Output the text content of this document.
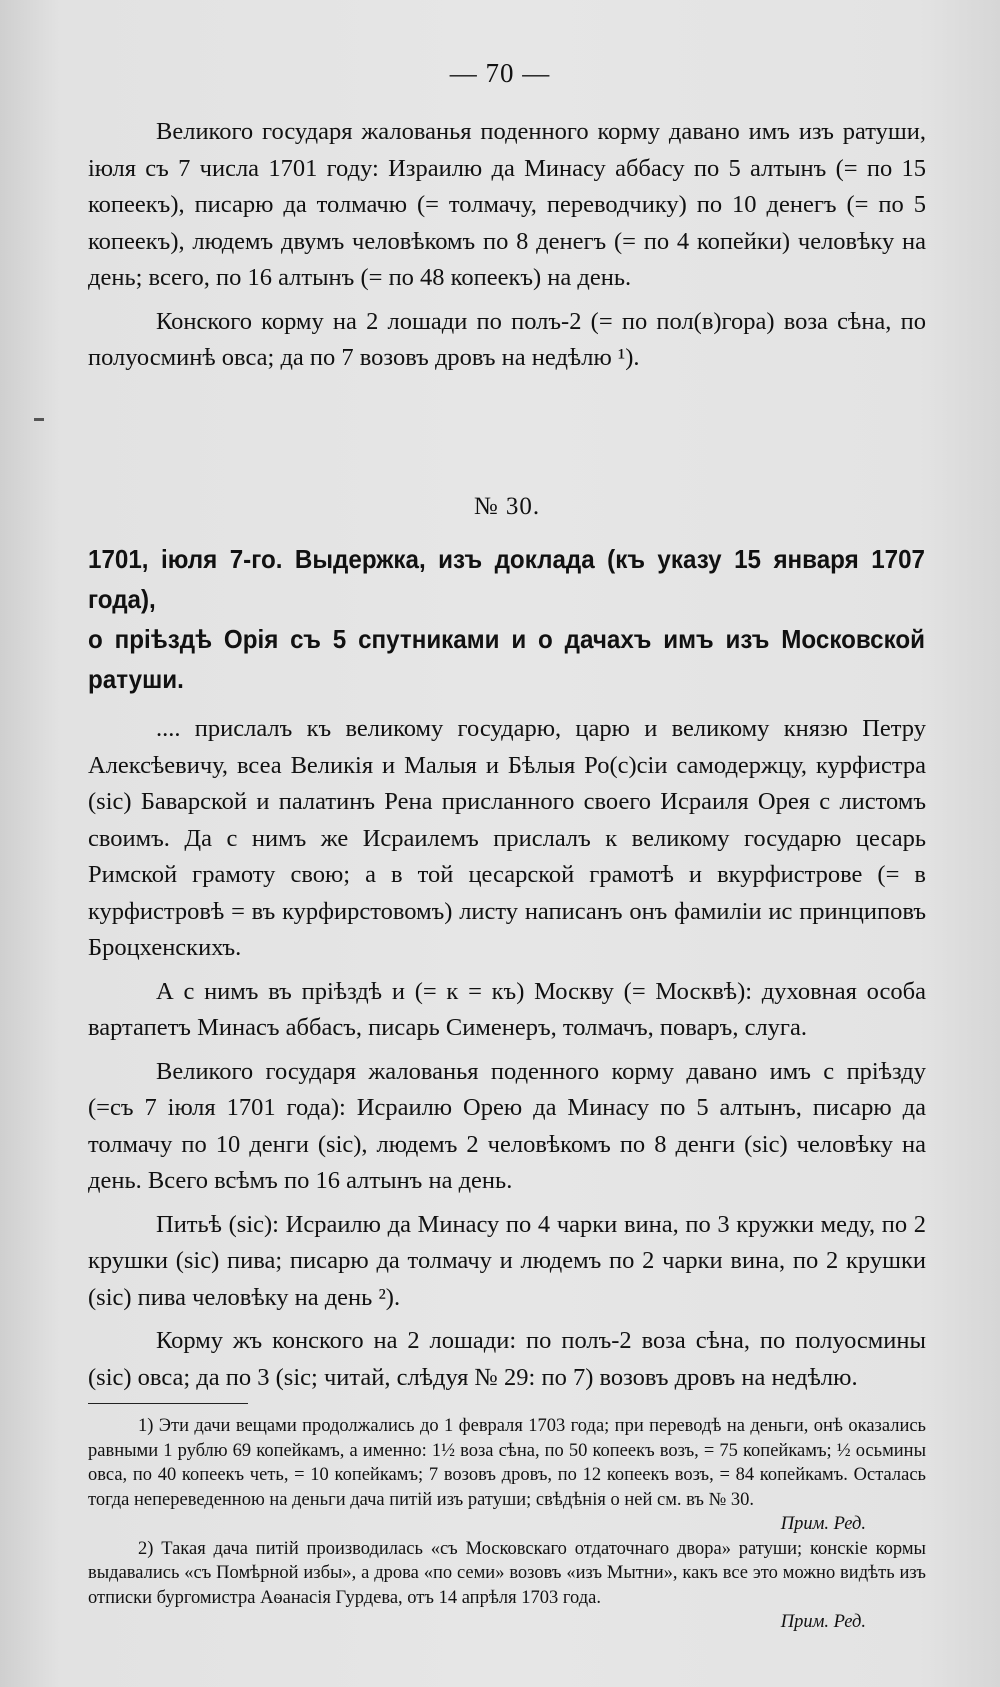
— 70 —

Великого государя жалованья поденного корму давано имъ изъ ратуши, іюля съ 7 числа 1701 году: Израилю да Минасу аббасу по 5 алтынъ (= по 15 копеекъ), писарю да толмачю (= толмачу, переводчику) по 10 денегъ (= по 5 копеекъ), людемъ двумъ человѣкомъ по 8 денегъ (= по 4 копейки) человѣку на день; всего, по 16 алтынъ (= по 48 копеекъ) на день.

Конского корму на 2 лошади по полъ-2 (= по пол(в)гора) воза сѣна, по полуосминѣ овса; да по 7 возовъ дровъ на недѣлю ¹).

№ 30.
1701, іюля 7-го. Выдержка, изъ доклада (къ указу 15 января 1707 года),
о пріѣздѣ Орія съ 5 спутниками и о дачахъ имъ изъ Московской ратуши.

.... прислалъ къ великому государю, царю и великому князю Петру Алексѣевичу, всеа Великія и Малыя и Бѣлыя Ро(с)сіи самодержцу, курфистра (sic) Баварской и палатинъ Рена присланного своего Исраиля Орея с листомъ своимъ. Да с нимъ же Исраилемъ прислалъ к великому государю цесарь Римской грамоту свою; а в той цесарской грамотѣ и вкурфистрове (= в курфистровѣ = въ курфирстовомъ) листу написанъ онъ фамиліи ис принциповъ Броцхенскихъ.

А с нимъ въ пріѣздѣ и (= к = къ) Москву (= Москвѣ): духовная особа вартапетъ Минасъ аббасъ, писарь Сименеръ, толмачъ, поваръ, слуга.

Великого государя жалованья поденного корму давано имъ с пріѣзду (=съ 7 іюля 1701 года): Исраилю Орею да Минасу по 5 алтынъ, писарю да толмачу по 10 денги (sic), людемъ 2 человѣкомъ по 8 денги (sic) человѣку на день. Всего всѣмъ по 16 алтынъ на день.

Питьѣ (sic): Исраилю да Минасу по 4 чарки вина, по 3 кружки меду, по 2 крушки (sic) пива; писарю да толмачу и людемъ по 2 чарки вина, по 2 крушки (sic) пива человѣку на день ²).

Корму жъ конского на 2 лошади: по полъ-2 воза сѣна, по полуосмины (sic) овса; да по 3 (sic; читай, слѣдуя № 29: по 7) возовъ дровъ на недѣлю.

1) Эти дачи вещами продолжались до 1 февраля 1703 года; при переводѣ на деньги, онѣ оказались равными 1 рублю 69 копейкамъ, а именно: 1½ воза сѣна, по 50 копеекъ возъ, = 75 копейкамъ; ½ осьмины овса, по 40 копеекъ четь, = 10 копейкамъ; 7 возовъ дровъ, по 12 копеекъ возъ, = 84 копейкамъ. Осталась тогда непереведенною на деньги дача питій изъ ратуши; свѣдѣнія о ней см. въ № 30.

Прим. Ред.

2) Такая дача питій производилась «съ Московскаго отдаточнаго двора» ратуши; конскіе кормы выдавались «съ Помѣрной избы», а дрова «по семи» возовъ «изъ Мытни», какъ все это можно видѣть изъ отписки бургомистра Аѳанасія Гурдева, отъ 14 апрѣля 1703 года.

Прим. Ред.
